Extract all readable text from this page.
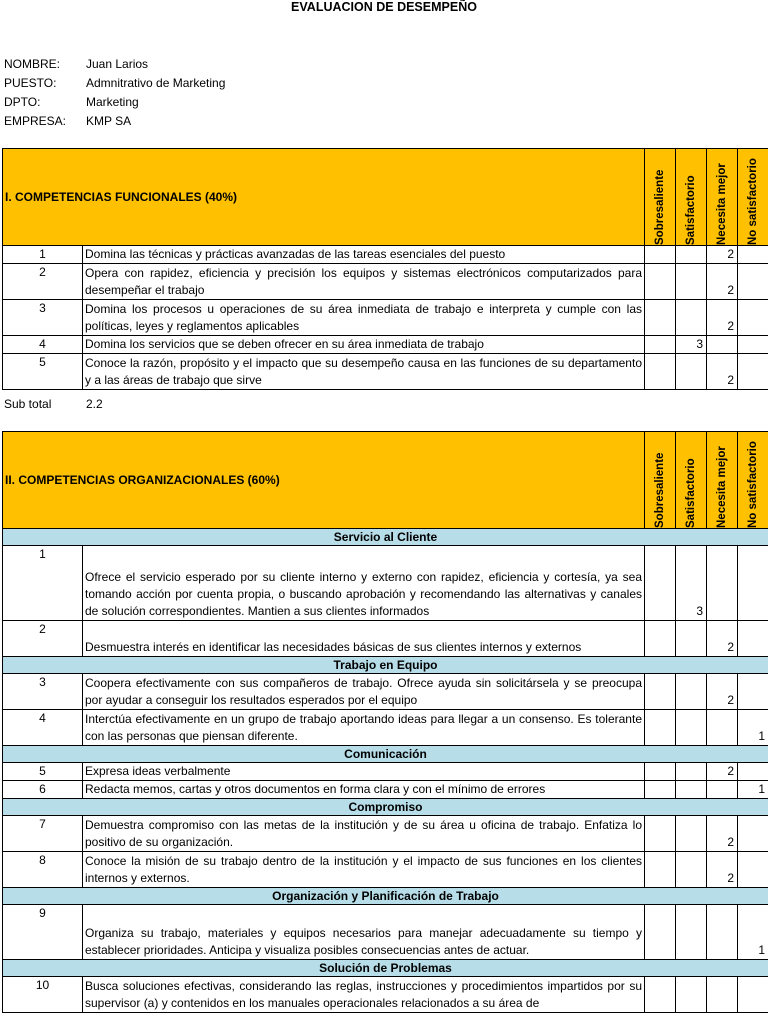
EVALUACION DE DESEMPEÑO
NOMBRE:	Juan Larios
PUESTO:	Admnitrativo de Marketing
DPTO:	Marketing
EMPRESA:	KMP SA
I. COMPETENCIAS FUNCIONALES (40%)		Sobresaliente	Satisfactorio	Necesita mejor	No satisfactorio

1	Domina las técnicas y prácticas avanzadas de las tareas esenciales del puesto			2	
2	Opera con rapidez, eficiencia y precisión los equipos y sistemas electrónicos computarizados para desempeñar el trabajo			2	
3	Domina los procesos u operaciones de su área inmediata de trabajo e interpreta y cumple con las políticas, leyes y reglamentos aplicables			2	
4	Domina los servicios que se deben ofrecer en su área inmediata de trabajo		3		
5	Conoce la razón, propósito y el impacto que su desempeño causa en las funciones de su departamento y a las áreas de trabajo que sirve			2	
Sub total	2.2
II. COMPETENCIAS ORGANIZACIONALES (60%)		Sobresaliente	Satisfactorio	Necesita mejor	No satisfactorio

Servicio al Cliente					
1	Ofrece el servicio esperado por su cliente interno y externo con rapidez, eficiencia y cortesía, ya sea tomando acción por cuenta propia, o buscando aprobación y recomendando las alternativas y canales de solución correspondientes. Mantien a sus clientes informados		3		
2	Desmuestra interés en identificar las necesidades básicas de sus clientes internos y externos			2	
Trabajo en Equipo					
3	Coopera efectivamente con sus compañeros de trabajo. Ofrece ayuda sin solicitársela y se preocupa por ayudar a conseguir los resultados esperados por el equipo			2	
4	Interctúa efectivamente en un grupo de trabajo aportando ideas para llegar a un consenso. Es tolerante con las personas que piensan diferente.				1
Comunicación					
5	Expresa ideas verbalmente			2	
6	Redacta memos, cartas y otros documentos en forma clara y con el mínimo de errores				1
Compromiso					
7	Demuestra compromiso con las metas de la institución y de su área u oficina de trabajo. Enfatiza lo positivo de su organización.			2	
8	Conoce la misión de su trabajo dentro de la institución y el impacto de sus funciones en los clientes internos y externos.			2	
Organización y Planificación de Trabajo					
9	Organiza su trabajo, materiales y equipos necesarios para manejar adecuadamente su tiempo y establecer prioridades. Anticipa y visualiza posibles consecuencias antes de actuar.				1
Solución de Problemas					
10	Busca soluciones efectivas, considerando las reglas, instrucciones y procedimientos impartidos por su supervisor (a) y contenidos en los manuales operacionales relacionados a su área de				
